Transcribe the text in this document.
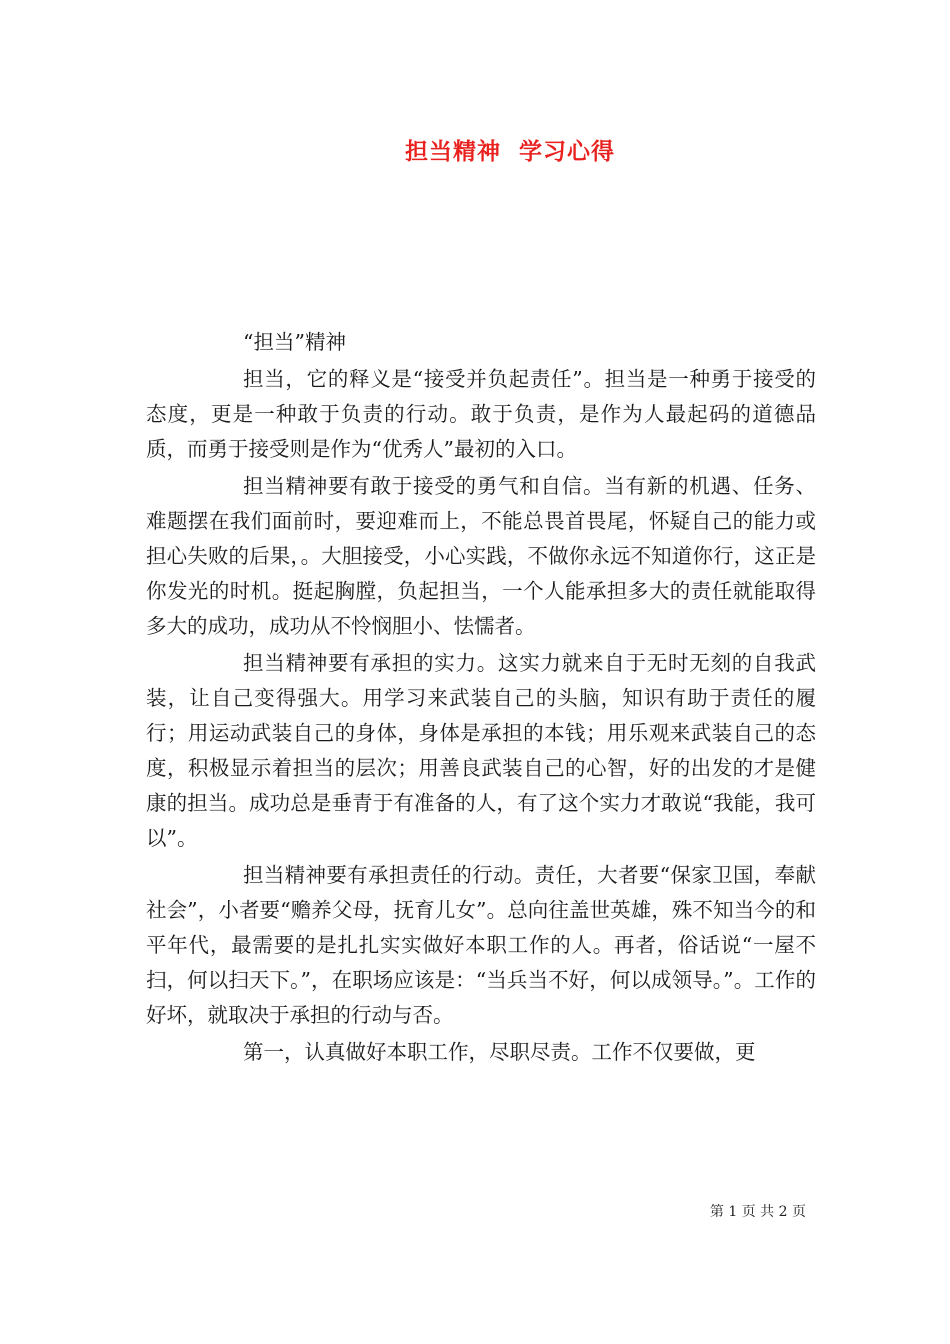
担当精神  学习心得
“担当”精神

担当，它的释义是“接受并负起责任”。担当是一种勇于接受的态度，更是一种敢于负责的行动。敢于负责，是作为人最起码的道德品质，而勇于接受则是作为“优秀人”最初的入口。

担当精神要有敢于接受的勇气和自信。当有新的机遇、任务、难题摆在我们面前时，要迎难而上，不能总畏首畏尾，怀疑自己的能力或担心失败的后果，。大胆接受，小心实践，不做你永远不知道你行，这正是你发光的时机。挺起胸膛，负起担当，一个人能承担多大的责任就能取得多大的成功，成功从不怜悯胆小、怯懦者。

担当精神要有承担的实力。这实力就来自于无时无刻的自我武装，让自己变得强大。用学习来武装自己的头脑，知识有助于责任的履行；用运动武装自己的身体，身体是承担的本钱；用乐观来武装自己的态度，积极显示着担当的层次；用善良武装自己的心智，好的出发的才是健康的担当。成功总是垂青于有准备的人，有了这个实力才敢说“我能，我可以”。

担当精神要有承担责任的行动。责任，大者要“保家卫国，奉献社会”，小者要“赡养父母，抚育儿女”。总向往盖世英雄，殊不知当今的和平年代，最需要的是扎扎实实做好本职工作的人。再者，俗话说“一屋不扫，何以扫天下。”，在职场应该是：“当兵当不好，何以成领导。”。工作的好坏，就取决于承担的行动与否。

第一，认真做好本职工作，尽职尽责。工作不仅要做，更

第 1 页 共 2 页
